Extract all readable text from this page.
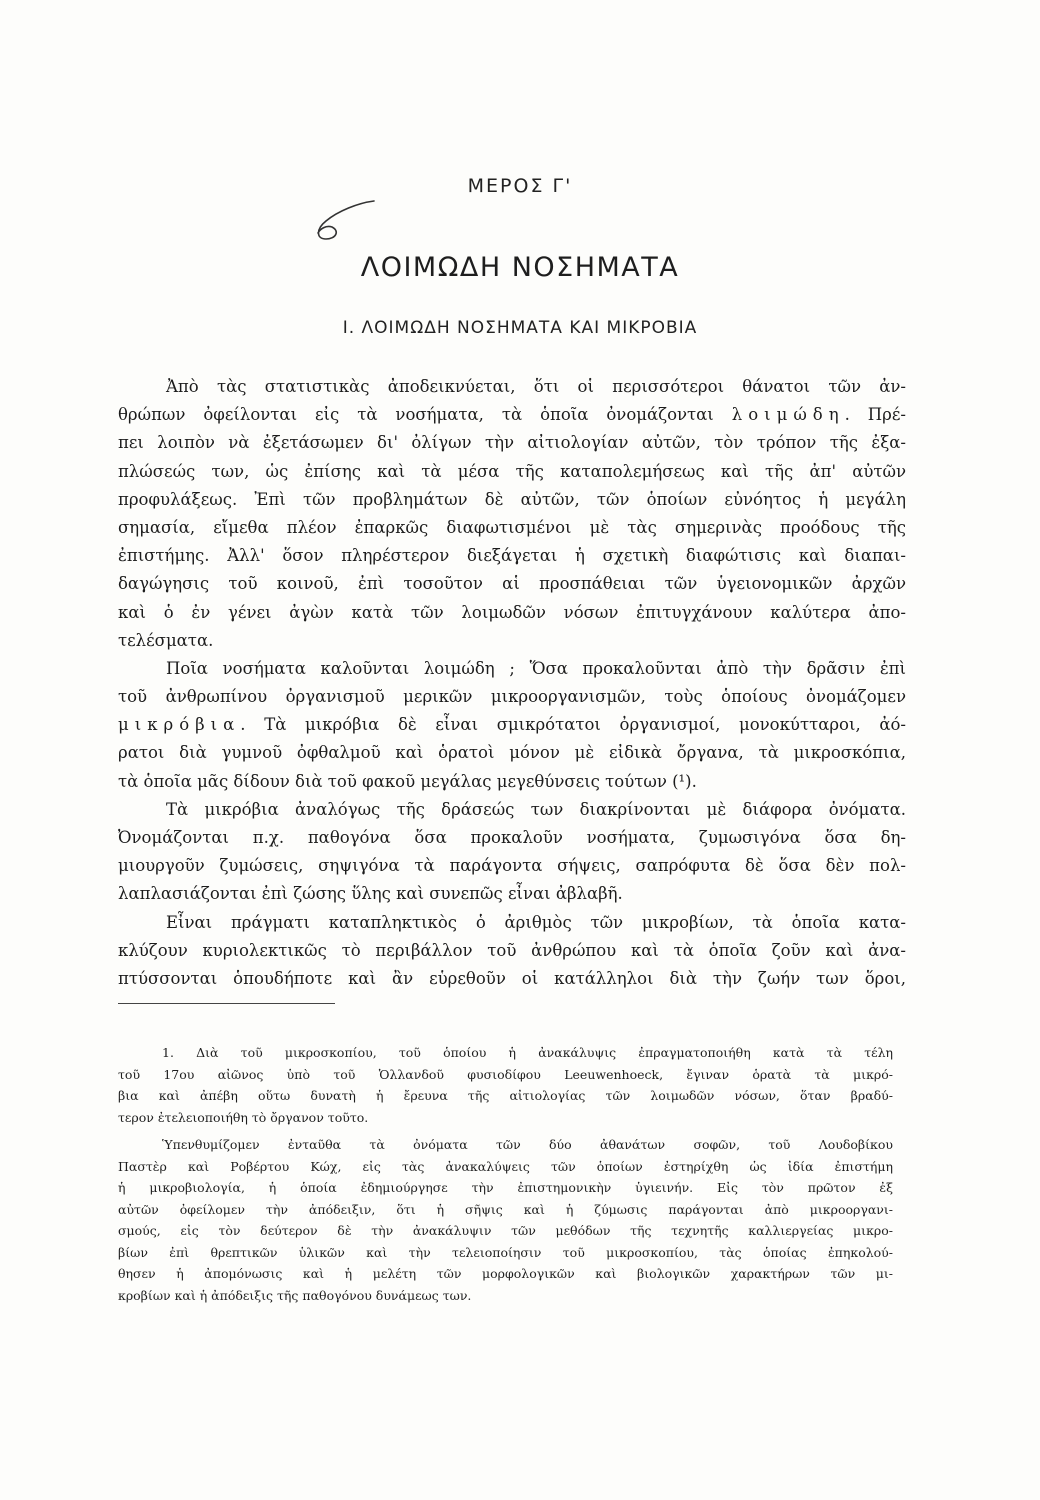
ΜΕΡΟΣ Γ'
ΛΟΙΜΩΔΗ ΝΟΣΗΜΑΤΑ
Ι. ΛΟΙΜΩΔΗ ΝΟΣΗΜΑΤΑ ΚΑΙ ΜΙΚΡΟΒΙΑ
Ἀπὸ τὰς στατιστικὰς ἀποδεικνύεται, ὅτι οἱ περισσότεροι θάνατοι τῶν ἀν-
θρώπων ὀφείλονται εἰς τὰ νοσήματα, τὰ ὁποῖα ὀνομάζονται λοιμώδη. Πρέ-
πει λοιπὸν νὰ ἐξετάσωμεν δι' ὀλίγων τὴν αἰτιολογίαν αὐτῶν, τὸν τρόπον τῆς ἐξα-
πλώσεώς των, ὡς ἐπίσης καὶ τὰ μέσα τῆς καταπολεμήσεως καὶ τῆς ἀπ' αὐτῶν
προφυλάξεως. Ἐπὶ τῶν προβλημάτων δὲ αὐτῶν, τῶν ὁποίων εὐνόητος ἡ μεγάλη
σημασία, εἴμεθα πλέον ἐπαρκῶς διαφωτισμένοι μὲ τὰς σημερινὰς προόδους τῆς
ἐπιστήμης. Ἀλλ' ὅσον πληρέστερον διεξάγεται ἡ σχετικὴ διαφώτισις καὶ διαπαι-
δαγώγησις τοῦ κοινοῦ, ἐπὶ τοσοῦτον αἱ προσπάθειαι τῶν ὑγειονομικῶν ἀρχῶν
καὶ ὁ ἐν γένει ἀγὼν κατὰ τῶν λοιμωδῶν νόσων ἐπιτυγχάνουν καλύτερα ἀπο-
τελέσματα.
Ποῖα νοσήματα καλοῦνται λοιμώδη ; Ὅσα προκαλοῦνται ἀπὸ τὴν δρᾶσιν ἐπὶ
τοῦ ἀνθρωπίνου ὀργανισμοῦ μερικῶν μικροοργανισμῶν, τοὺς ὁποίους ὀνομάζομεν
μικρόβια. Τὰ μικρόβια δὲ εἶναι σμικρότατοι ὀργανισμοί, μονοκύτταροι, ἀό-
ρατοι διὰ γυμνοῦ ὀφθαλμοῦ καὶ ὁρατοὶ μόνον μὲ εἰδικὰ ὄργανα, τὰ μικροσκόπια,
τὰ ὁποῖα μᾶς δίδουν διὰ τοῦ φακοῦ μεγάλας μεγεθύνσεις τούτων (¹).
Τὰ μικρόβια ἀναλόγως τῆς δράσεώς των διακρίνονται μὲ διάφορα ὀνόματα.
Ὀνομάζονται π.χ. παθογόνα ὅσα προκαλοῦν νοσήματα, ζυμωσιγόνα ὅσα δη-
μιουργοῦν ζυμώσεις, σηψιγόνα τὰ παράγοντα σήψεις, σαπρόφυτα δὲ ὅσα δὲν πολ-
λαπλασιάζονται ἐπὶ ζώσης ὕλης καὶ συνεπῶς εἶναι ἀβλαβῆ.
Εἶναι πράγματι καταπληκτικὸς ὁ ἀριθμὸς τῶν μικροβίων, τὰ ὁποῖα κατα-
κλύζουν κυριολεκτικῶς τὸ περιβάλλον τοῦ ἀνθρώπου καὶ τὰ ὁποῖα ζοῦν καὶ ἀνα-
πτύσσονται ὁπουδήποτε καὶ ἂν εὑρεθοῦν οἱ κατάλληλοι διὰ τὴν ζωήν των ὅροι,
1. Διὰ τοῦ μικροσκοπίου, τοῦ ὁποίου ἡ ἀνακάλυψις ἐπραγματοποιήθη κατὰ τὰ τέλη
τοῦ 17ου αἰῶνος ὑπὸ τοῦ Ὁλλανδοῦ φυσιοδίφου Leeuwenhoeck, ἔγιναν ὁρατὰ τὰ μικρό-
βια καὶ ἀπέβη οὕτω δυνατὴ ἡ ἔρευνα τῆς αἰτιολογίας τῶν λοιμωδῶν νόσων, ὅταν βραδύ-
τερον ἐτελειοποιήθη τὸ ὄργανον τοῦτο.
Ὑπενθυμίζομεν ἐνταῦθα τὰ ὀνόματα τῶν δύο ἀθανάτων σοφῶν, τοῦ Λουδοβίκου
Παστὲρ καὶ Ροβέρτου Κώχ, εἰς τὰς ἀνακαλύψεις τῶν ὁποίων ἐστηρίχθη ὡς ἰδία ἐπιστήμη
ἡ μικροβιολογία, ἡ ὁποία ἐδημιούργησε τὴν ἐπιστημονικὴν ὑγιεινήν. Εἰς τὸν πρῶτον ἐξ
αὐτῶν ὀφείλομεν τὴν ἀπόδειξιν, ὅτι ἡ σῆψις καὶ ἡ ζύμωσις παράγονται ἀπὸ μικροοργανι-
σμούς, εἰς τὸν δεύτερον δὲ τὴν ἀνακάλυψιν τῶν μεθόδων τῆς τεχνητῆς καλλιεργείας μικρο-
βίων ἐπὶ θρεπτικῶν ὑλικῶν καὶ τὴν τελειοποίησιν τοῦ μικροσκοπίου, τὰς ὁποίας ἐπηκολού-
θησεν ἡ ἀπομόνωσις καὶ ἡ μελέτη τῶν μορφολογικῶν καὶ βιολογικῶν χαρακτήρων τῶν μι-
κροβίων καὶ ἡ ἀπόδειξις τῆς παθογόνου δυνάμεως των.
